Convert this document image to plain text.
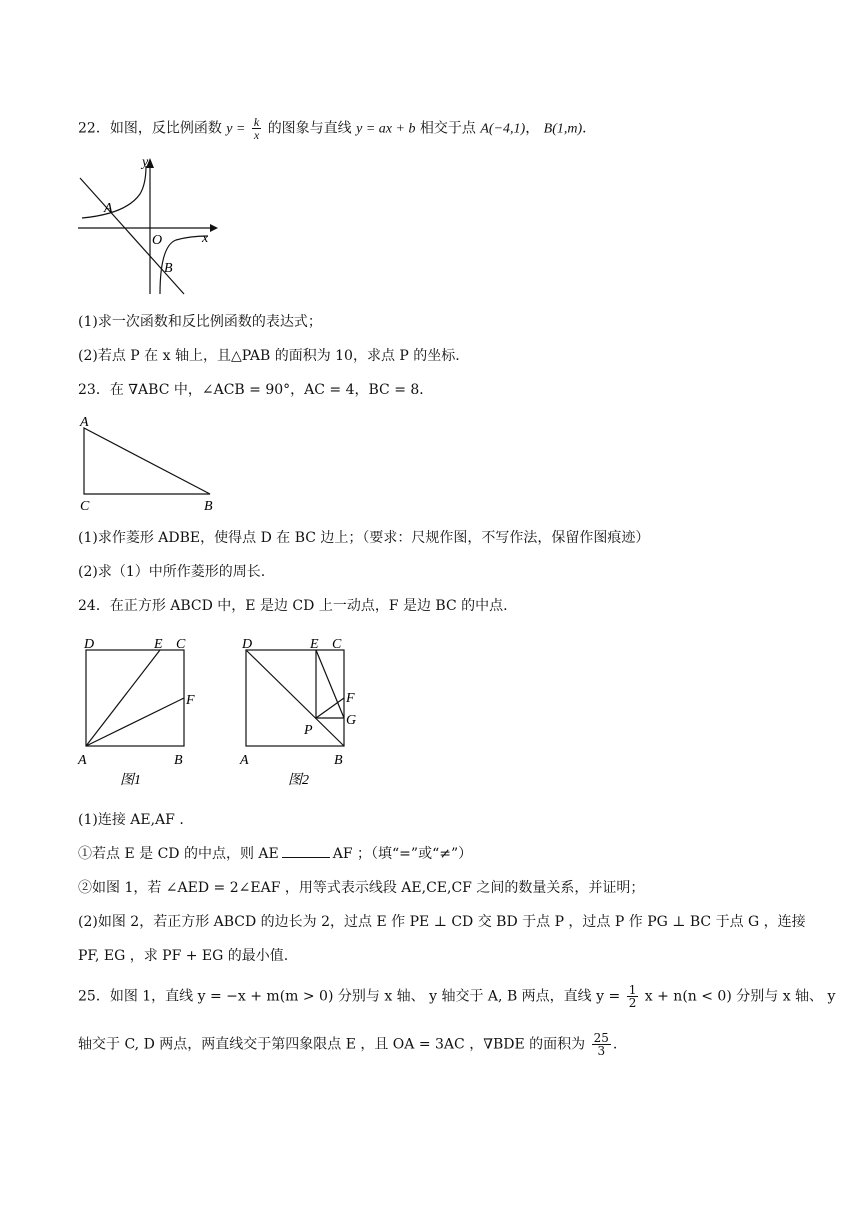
22．如图，反比例函数 $y = \frac{k}{x}$ 的图象与直线 y = ax + b 相交于点 A(−4,1)， B(1,m)．
y
x
O
A
B
(1)求一次函数和反比例函数的表达式；
(2)若点 P 在 x 轴上，且△PAB 的面积为 10，求点 P 的坐标.
23．在 ∇ABC 中，∠ACB = 90°，AC = 4，BC = 8．
A
C	B
(1)求作菱形 ADBE，使得点 D 在 BC 边上；（要求：尺规作图，不写作法，保留作图痕迹）
(2)求（1）中所作菱形的周长.
24．在正方形 ABCD 中，E 是边 CD 上一动点，F 是边 BC 的中点.
D	E C
F
A	B
图1
D	E C
F
G
P
A	B
图2
(1)连接 AE,AF .
①若点 E 是 CD 的中点，则 AE	AF ；（填“=”或“≠”）
②如图 1，若 ∠AED = 2∠EAF ，用等式表示线段 AE,CE,CF 之间的数量关系，并证明；
(2)如图 2，若正方形 ABCD 的边长为 2，过点 E 作 PE ⊥ CD 交 BD 于点 P ，过点 P 作 PG ⊥ BC 于点 G ，连接
PF, EG ，求 PF + EG 的最小值.
25．如图 1，直线 y = −x + m(m > 0) 分别与 x 轴、 y 轴交于 A, B 两点，直线 $y = \frac{1}{2}$ x + n(n < 0) 分别与 x 轴、 y
轴交于 C, D 两点，两直线交于第四象限点 E ，且 OA = 3AC ，∇BDE 的面积为 $\frac{25}{3}$ .
